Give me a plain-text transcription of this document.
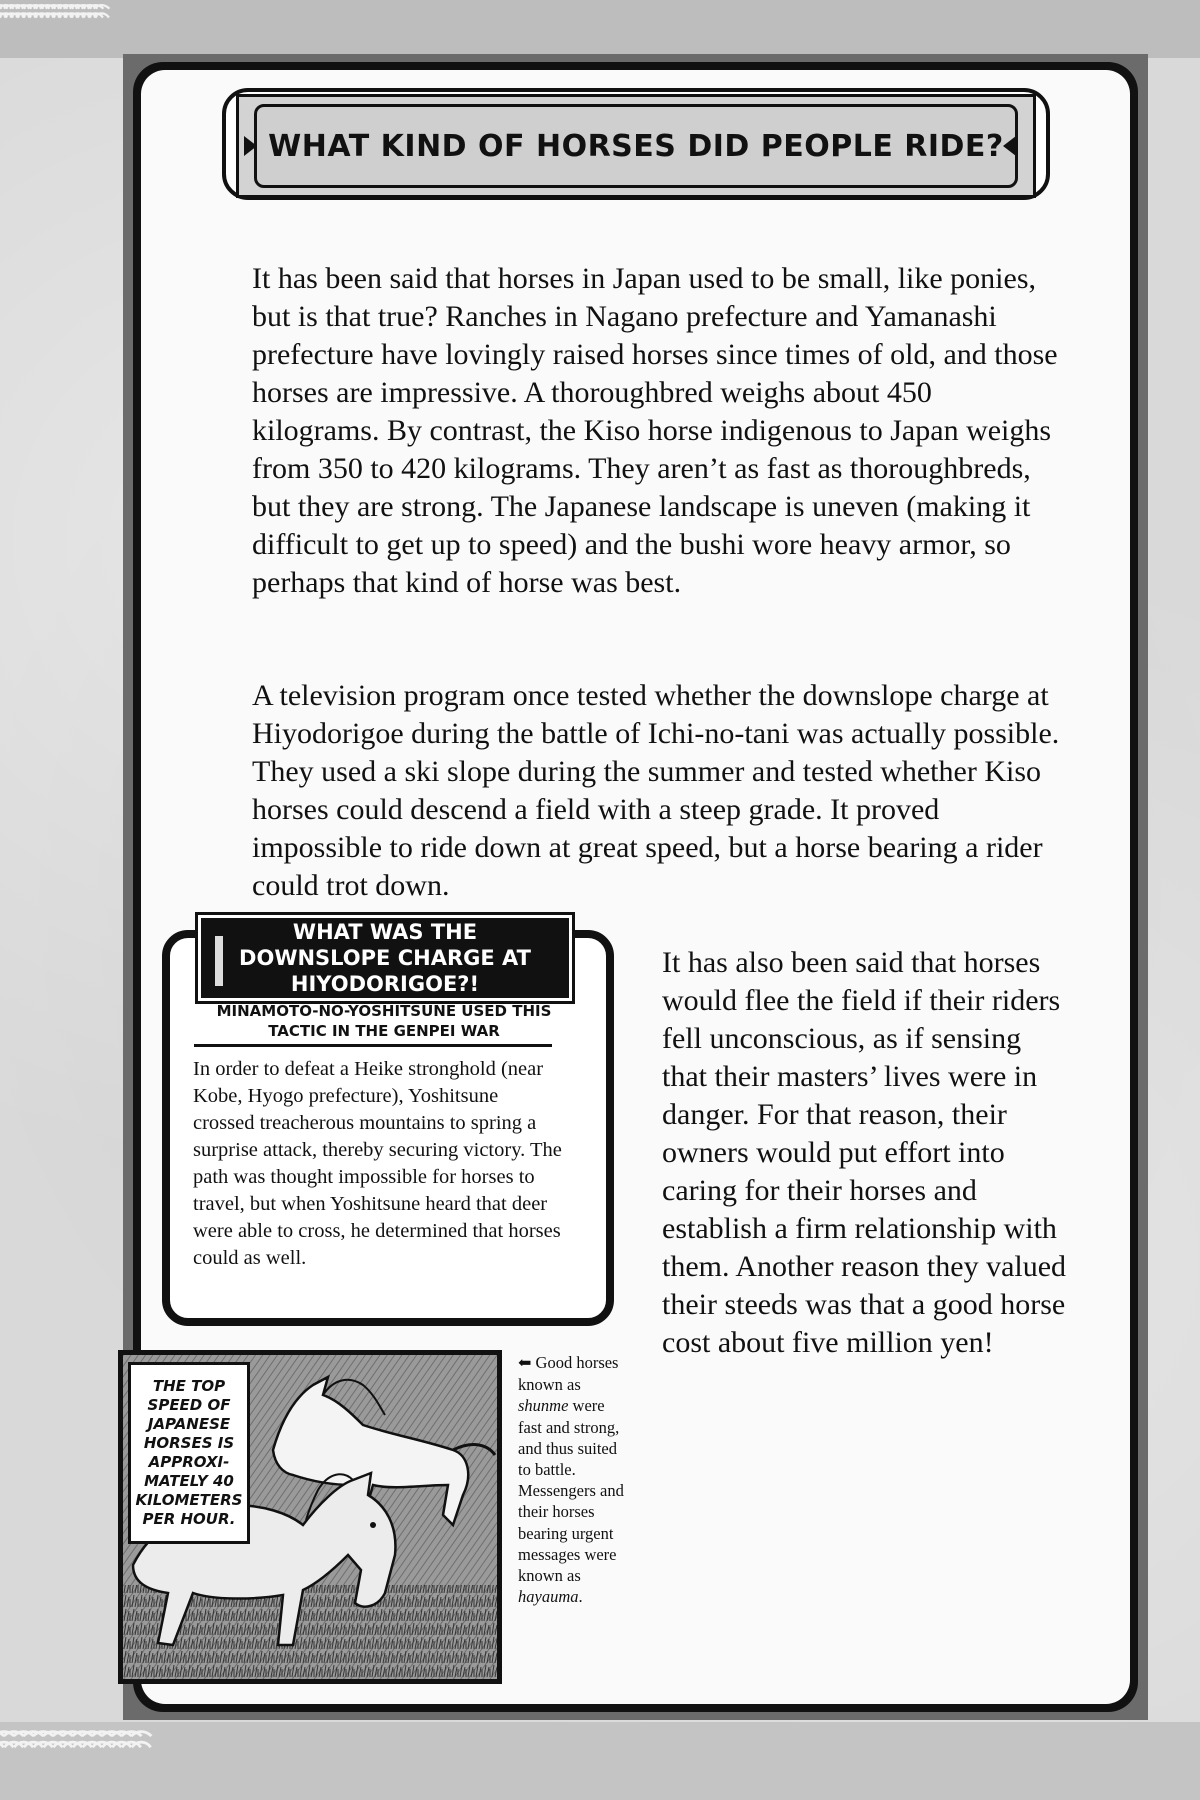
ꩰ ꩰ ꩰ ꩰ ꩰ ꩰ ꩰ ꩰ ꩰ ꩰ ꩰ ꩰ ꩰ ꩰ ꩰ ꩰ ꩰ ꩰ ꩰ ꩰ
ꩰ ꩰ ꩰ ꩰ ꩰ ꩰ ꩰ ꩰ ꩰ ꩰ ꩰ ꩰ ꩰ ꩰ ꩰ ꩰ ꩰ
WHAT KIND OF HORSES DID PEOPLE RIDE?

It has been said that horses in Japan used to be small, like ponies, but is that true? Ranches in Nagano prefecture and Yamanashi prefecture have lovingly raised horses since times of old, and those horses are impressive. A thoroughbred weighs about 450 kilograms. By contrast, the Kiso horse indigenous to Japan weighs from 350 to 420 kilograms. They aren’t as fast as thoroughbreds, but they are strong. The Japanese landscape is uneven (making it difficult to get up to speed) and the bushi wore heavy armor, so perhaps that kind of horse was best.

A television program once tested whether the downslope charge at Hiyodorigoe during the battle of Ichi-no-tani was actually possible. They used a ski slope during the summer and tested whether Kiso horses could descend a field with a steep grade. It proved impossible to ride down at great speed, but a horse bearing a rider could trot down.

It has also been said that horses would flee the field if their riders fell unconscious, as if sensing that their masters’ lives were in danger. For that reason, their owners would put effort into caring for their horses and establish a firm relationship with them. Another reason they valued their steeds was that a good horse cost about five million yen!

WHAT WAS THE DOWNSLOPE CHARGE AT HIYODORIGOE?!
MINAMOTO-NO-YOSHITSUNE USED THIS TACTIC IN THE GENPEI WAR

In order to defeat a Heike stronghold (near Kobe, Hyogo prefecture), Yoshitsune crossed treacherous mountains to spring a surprise attack, thereby securing victory. The path was thought impossible for horses to travel, but when Yoshitsune heard that deer were able to cross, he determined that horses could as well.

THE TOP SPEED OF JAPANESE HORSES IS APPROXI- MATELY 40 KILOMETERS PER HOUR.

⬅ Good horses known as shunme were fast and strong, and thus suited to battle. Messengers and their horses bearing urgent messages were known as hayauma.
